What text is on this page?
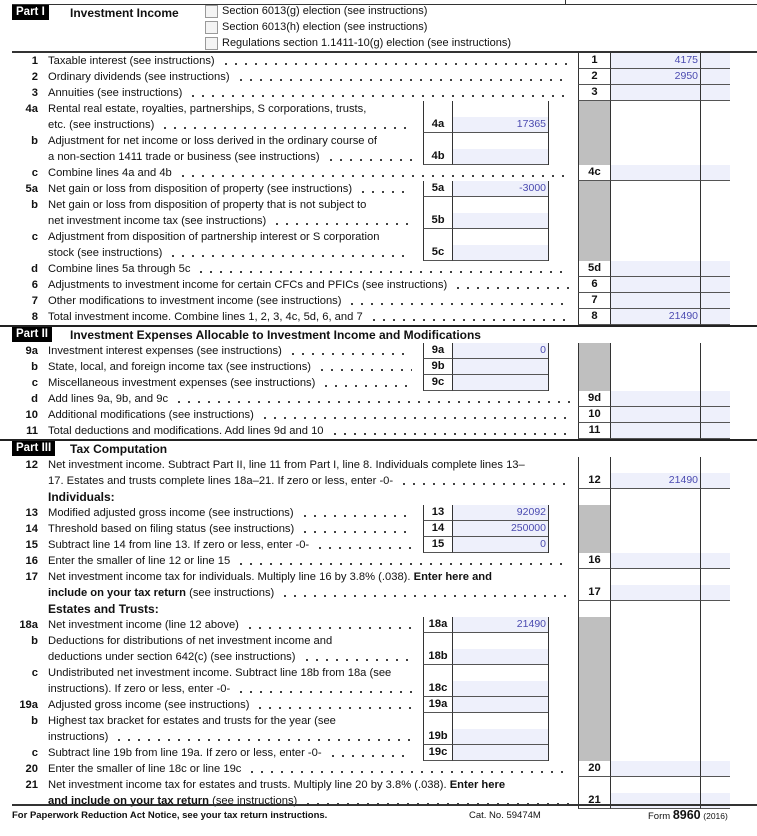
Part I	Investment Income	Section 6013(g) election (see instructions)
Section 6013(h) election (see instructions)
Regulations section 1.1411-10(g) election (see instructions)
1 Taxable interest (see instructions)	1	4175
2 Ordinary dividends (see instructions)	2	2950
3 Annuities (see instructions)	3
4a Rental real estate, royalties, partnerships, S corporations, trusts,
etc. (see instructions)	4a	17365
b Adjustment for net income or loss derived in the ordinary course of
a non-section 1411 trade or business (see instructions)	4b
c Combine lines 4a and 4b	4c
5a Net gain or loss from disposition of property (see instructions)	5a	-3000
b Net gain or loss from disposition of property that is not subject to
net investment income tax (see instructions)	5b
c Adjustment from disposition of partnership interest or S corporation
stock (see instructions)	5c
d Combine lines 5a through 5c	5d
6 Adjustments to investment income for certain CFCs and PFICs (see instructions)	6
7 Other modifications to investment income (see instructions)	7
8 Total investment income. Combine lines 1, 2, 3, 4c, 5d, 6, and 7	8	21490
Part II	Investment Expenses Allocable to Investment Income and Modifications
9a Investment interest expenses (see instructions)	9a	0
b State, local, and foreign income tax (see instructions)	9b
c Miscellaneous investment expenses (see instructions)	9c
d Add lines 9a, 9b, and 9c	9d
10 Additional modifications (see instructions)	10
11 Total deductions and modifications. Add lines 9d and 10	11
Part III	Tax Computation
12 Net investment income. Subtract Part II, line 11 from Part I, line 8. Individuals complete lines 13–
17. Estates and trusts complete lines 18a–21. If zero or less, enter -0-	12	21490
Individuals:
13 Modified adjusted gross income (see instructions)	13	92092
14 Threshold based on filing status (see instructions)	14	250000
15 Subtract line 14 from line 13. If zero or less, enter -0-	15	0
16 Enter the smaller of line 12 or line 15	16
17 Net investment income tax for individuals. Multiply line 16 by 3.8% (.038). Enter here and
include on your tax return (see instructions)	17
Estates and Trusts:
18a Net investment income (line 12 above)	18a	21490
b Deductions for distributions of net investment income and
deductions under section 642(c) (see instructions)	18b
c Undistributed net investment income. Subtract line 18b from 18a (see
instructions). If zero or less, enter -0-	18c
19a Adjusted gross income (see instructions)	19a
b Highest tax bracket for estates and trusts for the year (see
instructions)	19b
c Subtract line 19b from line 19a. If zero or less, enter -0-	19c
20 Enter the smaller of line 18c or line 19c	20
21 Net investment income tax for estates and trusts. Multiply line 20 by 3.8% (.038). Enter here
and include on your tax return (see instructions)	21
For Paperwork Reduction Act Notice, see your tax return instructions.	Cat. No. 59474M	Form 8960 (2016)
